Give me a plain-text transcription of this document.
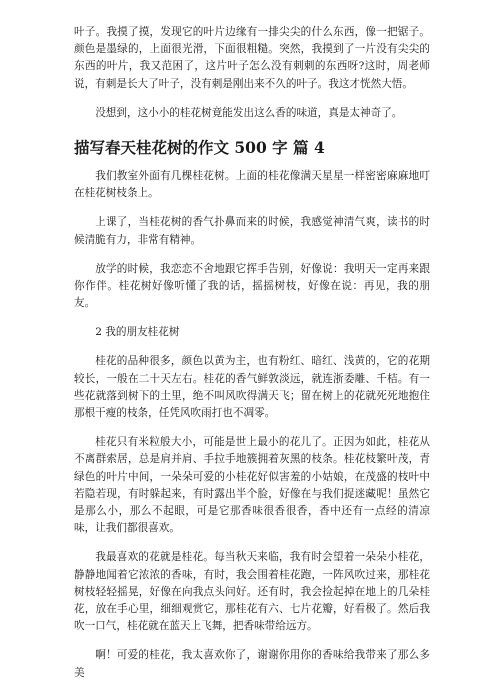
叶子。我摸了摸，发现它的叶片边缘有一排尖尖的什么东西，像一把锯子。颜色是墨绿的，上面很光滑，下面很粗糙。突然，我摸到了一片没有尖尖的东西的叶片，我又范困了，这片叶子怎么没有刺刺的东西呀?这时，周老师说，有刺是长大了叶子，没有刺是刚出来不久的叶子。我这才恍然大悟。

没想到，这小小的桂花树竟能发出这么香的味道，真是太神奇了。

描写春天桂花树的作文 500 字 篇 4

我们教室外面有几棵桂花树。上面的桂花像满天星星一样密密麻麻地叮在桂花树枝条上。

上课了，当桂花树的香气扑鼻而来的时候，我感觉神清气爽，读书的时候清脆有力，非常有精神。

放学的时候，我恋恋不舍地跟它挥手告别，好像说：我明天一定再来跟你作伴。桂花树好像听懂了我的话，摇摇树枝，好像在说：再见，我的朋友。

2 我的朋友桂花树

桂花的品种很多，颜色以黄为主，也有粉红、暗红、浅黄的，它的花期较长，一般在二十天左右。桂花的香气鲜敦淡远，就连浙委雕、千桔。有一些花就落到树下的土里，绝不叫风吹得满天飞；留在树上的花就死死地抱住那根干瘦的枝条，任凭风吹雨打也不凋零。

桂花只有米粒般大小，可能是世上最小的花儿了。正因为如此，桂花从不离群索居，总是肩并肩、手拉手地簇拥着灰黑的枝条。桂花枝繁叶茂，青绿色的叶片中间，一朵朵可爱的小桂花好似害羞的小姑娘，在茂盛的枝叶中若隐若现，有时躲起来，有时露出半个脸，好像在与我们捉迷藏呢！虽然它是那么小，那么不起眼，可是它那香味很香很香，香中还有一点经的清凉味，让我们都很喜欢。

我最喜欢的花就是桂花。每当秋天来临，我有时会望着一朵朵小桂花，静静地闻着它浓浓的香味，有时，我会围着桂花跑，一阵风吹过来，那桂花树枝轻轻摇晃，好像在向我点头问好。还有时，我会捡起掉在地上的几朵桂花，放在手心里，细细观赏它，那桂花有六、七片花瓣，好看极了。然后我吹一口气，桂花就在蓝天上飞舞，把香味带给远方。

啊！可爱的桂花，我太喜欢你了，谢谢你用你的香味给我带来了那么多美
